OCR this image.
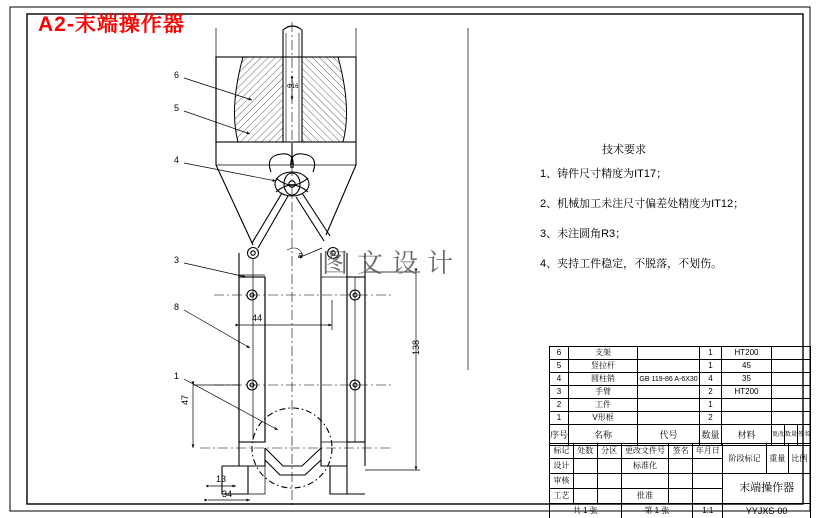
A2-末端操作器
图文设计
技术要求
1、铸件尺寸精度为IT17；
2、机械加工未注尺寸偏差处精度为IT12；
3、未注圆角R3；
4、夹持工件稳定，不脱落，不划伤。
6
5
4
3
8
1
44
138
47
13
34
Φ16
a
6	支架		1	HT200	
5	竖拉杆		1	45	
4	圆柱销	GB 119-86 A-6X30	4	35	
3	手臂		2	HT200	
2	工件		1		
1	V形框		2		
序号	名称	代号	数量	材料	更改 数量 签名
标记	处数	分区	更改文件号	签名	年月日	阶段标记	重量	比例
设计			标准化					
审核						末端操作器		
工艺			批准					
共 1 张			第 1 张		1:1	YYJXS-00		
